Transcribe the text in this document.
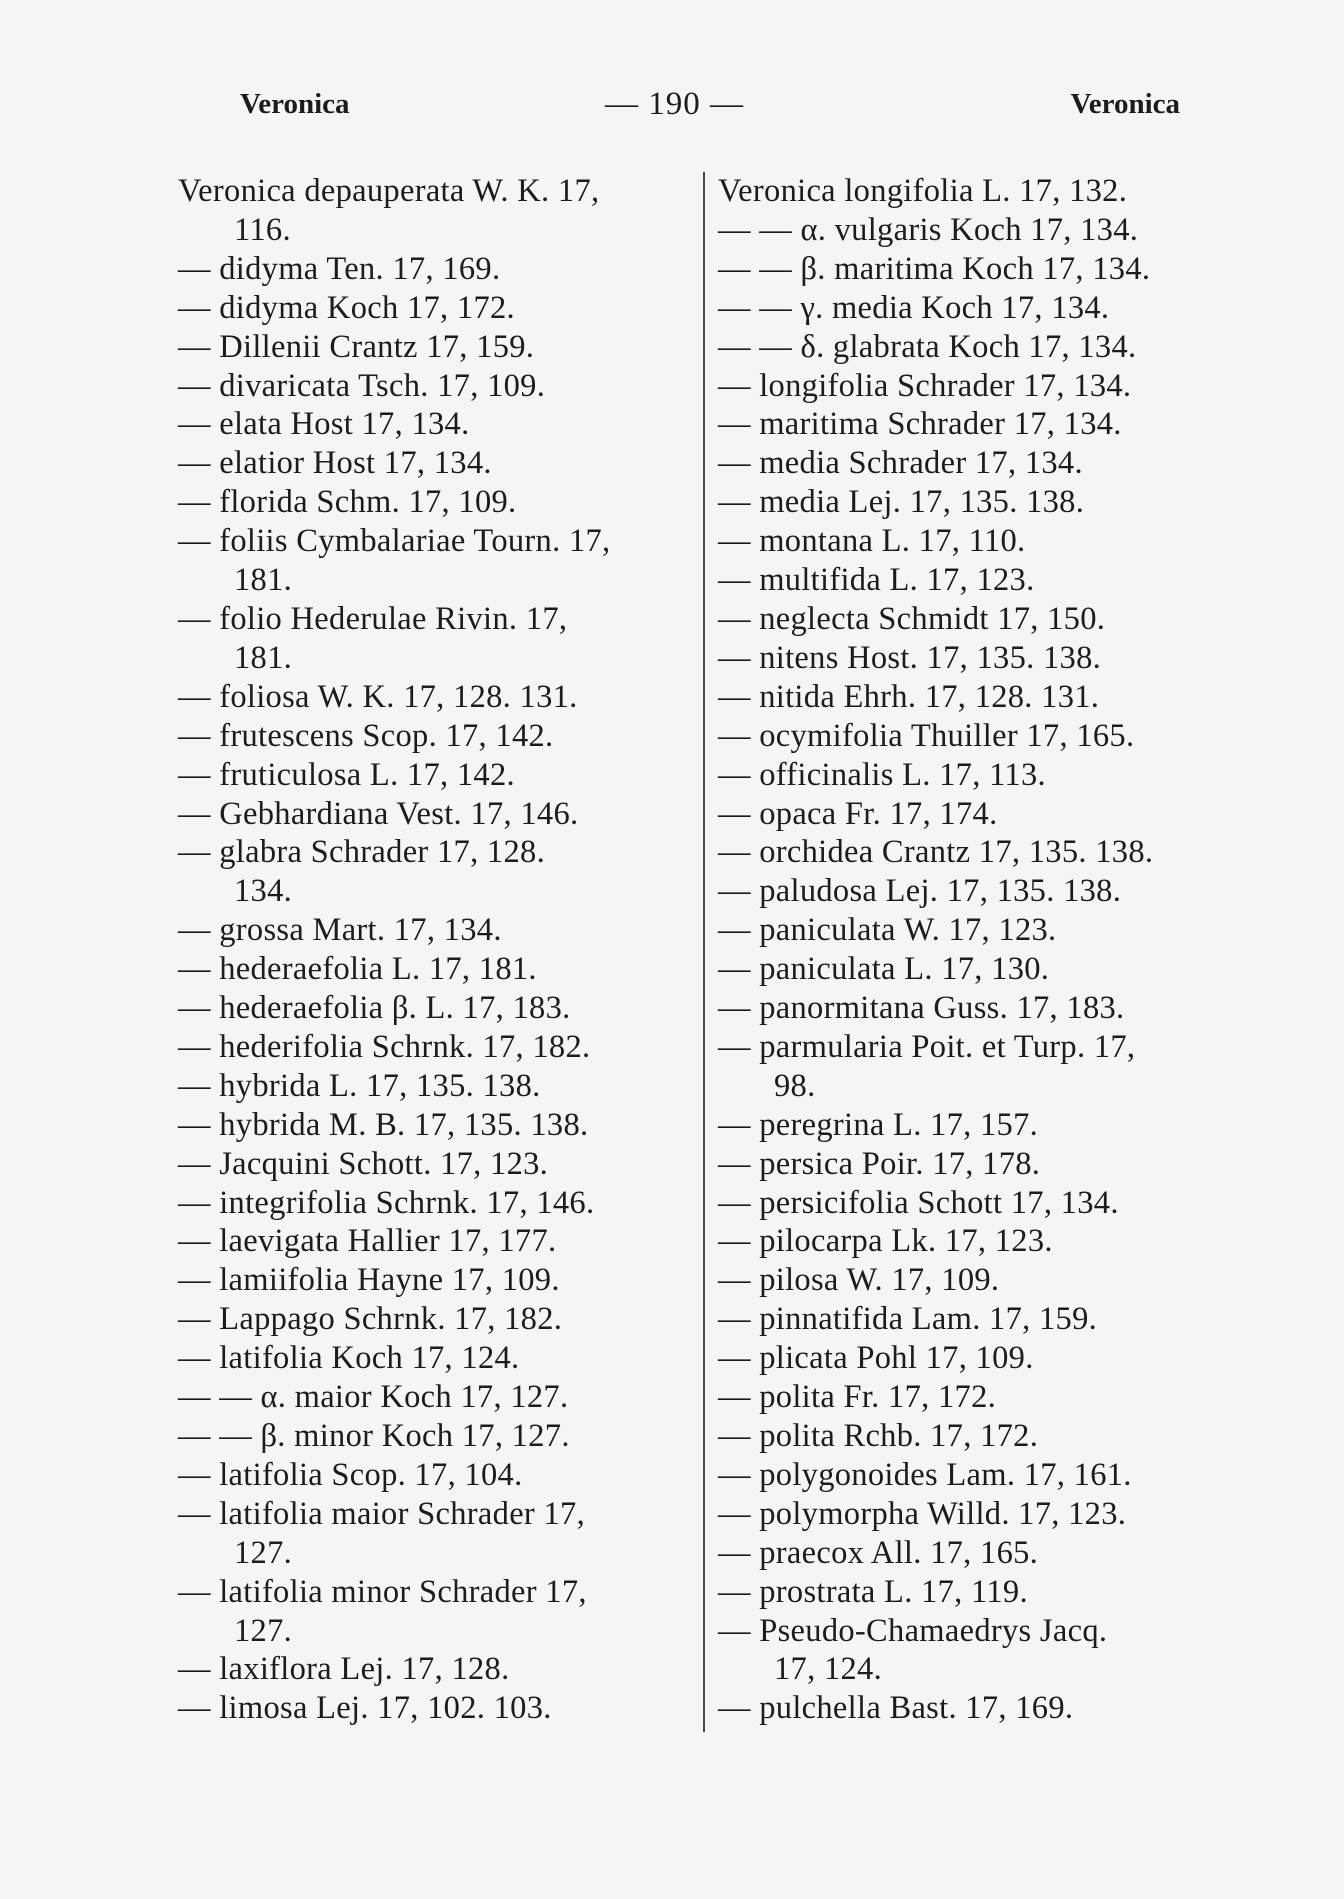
Veronica	— 190 —	Veronica
Veronica depauperata W. K. 17,
116.
— didyma Ten. 17, 169.
— didyma Koch 17, 172.
— Dillenii Crantz 17, 159.
— divaricata Tsch. 17, 109.
— elata Host 17, 134.
— elatior Host 17, 134.
— florida Schm. 17, 109.
— foliis Cymbalariae Tourn. 17,
181.
— folio Hederulae Rivin. 17,
181.
— foliosa W. K. 17, 128. 131.
— frutescens Scop. 17, 142.
— fruticulosa L. 17, 142.
— Gebhardiana Vest. 17, 146.
— glabra Schrader 17, 128.
134.
— grossa Mart. 17, 134.
— hederaefolia L. 17, 181.
— hederaefolia β. L. 17, 183.
— hederifolia Schrnk. 17, 182.
— hybrida L. 17, 135. 138.
— hybrida M. B. 17, 135. 138.
— Jacquini Schott. 17, 123.
— integrifolia Schrnk. 17, 146.
— laevigata Hallier 17, 177.
— lamiifolia Hayne 17, 109.
— Lappago Schrnk. 17, 182.
— latifolia Koch 17, 124.
— — α. maior Koch 17, 127.
— — β. minor Koch 17, 127.
— latifolia Scop. 17, 104.
— latifolia maior Schrader 17,
127.
— latifolia minor Schrader 17,
127.
— laxiflora Lej. 17, 128.
— limosa Lej. 17, 102. 103.
Veronica longifolia L. 17, 132.
— — α. vulgaris Koch 17, 134.
— — β. maritima Koch 17, 134.
— — γ. media Koch 17, 134.
— — δ. glabrata Koch 17, 134.
— longifolia Schrader 17, 134.
— maritima Schrader 17, 134.
— media Schrader 17, 134.
— media Lej. 17, 135. 138.
— montana L. 17, 110.
— multifida L. 17, 123.
— neglecta Schmidt 17, 150.
— nitens Host. 17, 135. 138.
— nitida Ehrh. 17, 128. 131.
— ocymifolia Thuiller 17, 165.
— officinalis L. 17, 113.
— opaca Fr. 17, 174.
— orchidea Crantz 17, 135. 138.
— paludosa Lej. 17, 135. 138.
— paniculata W. 17, 123.
— paniculata L. 17, 130.
— panormitana Guss. 17, 183.
— parmularia Poit. et Turp. 17,
98.
— peregrina L. 17, 157.
— persica Poir. 17, 178.
— persicifolia Schott 17, 134.
— pilocarpa Lk. 17, 123.
— pilosa W. 17, 109.
— pinnatifida Lam. 17, 159.
— plicata Pohl 17, 109.
— polita Fr. 17, 172.
— polita Rchb. 17, 172.
— polygonoides Lam. 17, 161.
— polymorpha Willd. 17, 123.
— praecox All. 17, 165.
— prostrata L. 17, 119.
— Pseudo-Chamaedrys Jacq.
17, 124.
— pulchella Bast. 17, 169.
